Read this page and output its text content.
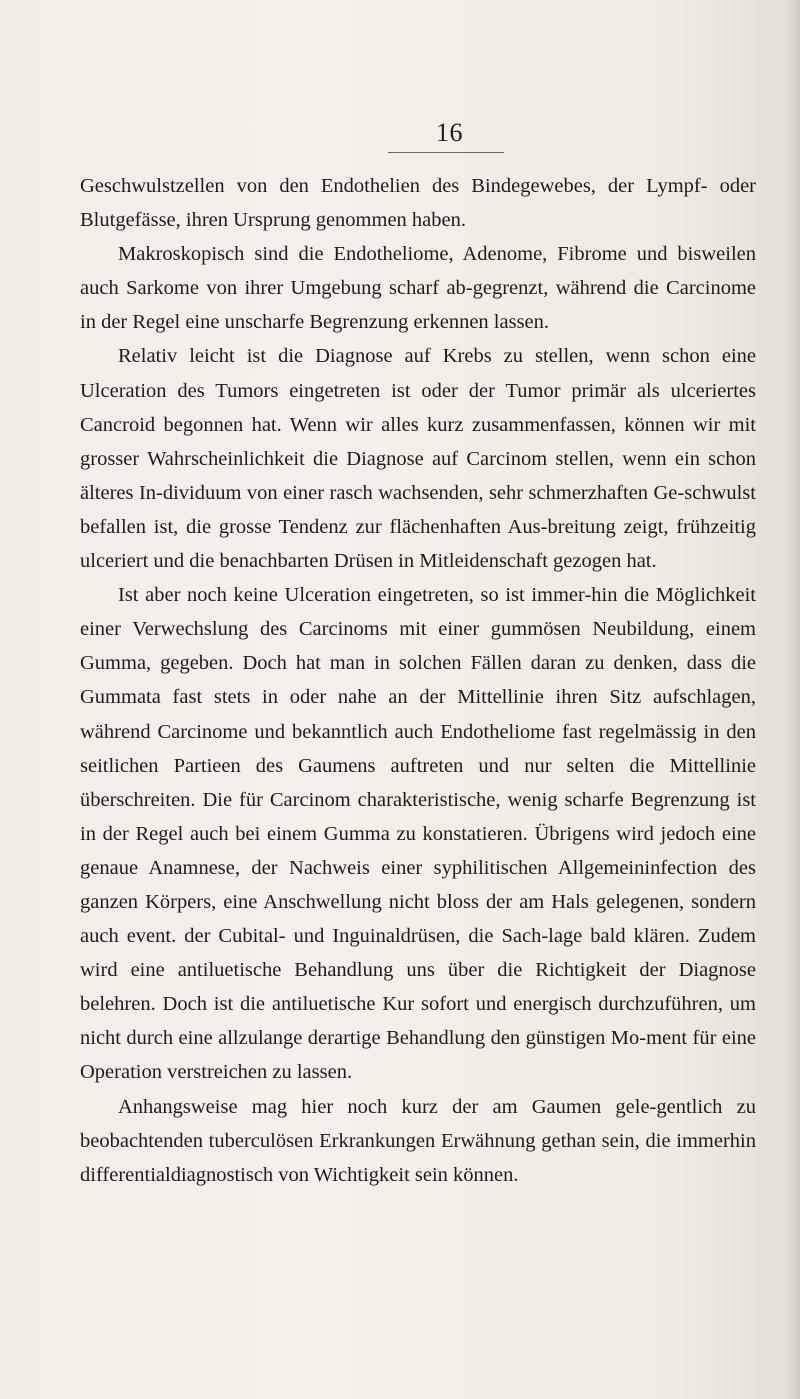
16

Geschwulstzellen von den Endothelien des Bindegewebes, der Lympf- oder Blutgefässe, ihren Ursprung genommen haben.

Makroskopisch sind die Endotheliome, Adenome, Fibrome und bisweilen auch Sarkome von ihrer Umgebung scharf ab-gegrenzt, während die Carcinome in der Regel eine unscharfe Begrenzung erkennen lassen.

Relativ leicht ist die Diagnose auf Krebs zu stellen, wenn schon eine Ulceration des Tumors eingetreten ist oder der Tumor primär als ulceriertes Cancroid begonnen hat. Wenn wir alles kurz zusammenfassen, können wir mit grosser Wahrscheinlichkeit die Diagnose auf Carcinom stellen, wenn ein schon älteres In-dividuum von einer rasch wachsenden, sehr schmerzhaften Ge-schwulst befallen ist, die grosse Tendenz zur flächenhaften Aus-breitung zeigt, frühzeitig ulceriert und die benachbarten Drüsen in Mitleidenschaft gezogen hat.

Ist aber noch keine Ulceration eingetreten, so ist immer-hin die Möglichkeit einer Verwechslung des Carcinoms mit einer gummösen Neubildung, einem Gumma, gegeben. Doch hat man in solchen Fällen daran zu denken, dass die Gummata fast stets in oder nahe an der Mittellinie ihren Sitz aufschlagen, während Carcinome und bekanntlich auch Endotheliome fast regelmässig in den seitlichen Partieen des Gaumens auftreten und nur selten die Mittellinie überschreiten. Die für Carcinom charakteristische, wenig scharfe Begrenzung ist in der Regel auch bei einem Gumma zu konstatieren. Übrigens wird jedoch eine genaue Anamnese, der Nachweis einer syphilitischen Allgemeininfection des ganzen Körpers, eine Anschwellung nicht bloss der am Hals gelegenen, sondern auch event. der Cubital- und Inguinaldrüsen, die Sach-lage bald klären. Zudem wird eine antiluetische Behandlung uns über die Richtigkeit der Diagnose belehren. Doch ist die antiluetische Kur sofort und energisch durchzuführen, um nicht durch eine allzulange derartige Behandlung den günstigen Mo-ment für eine Operation verstreichen zu lassen.

Anhangsweise mag hier noch kurz der am Gaumen gele-gentlich zu beobachtenden tuberculösen Erkrankungen Erwähnung gethan sein, die immerhin differentialdiagnostisch von Wichtigkeit sein können.
